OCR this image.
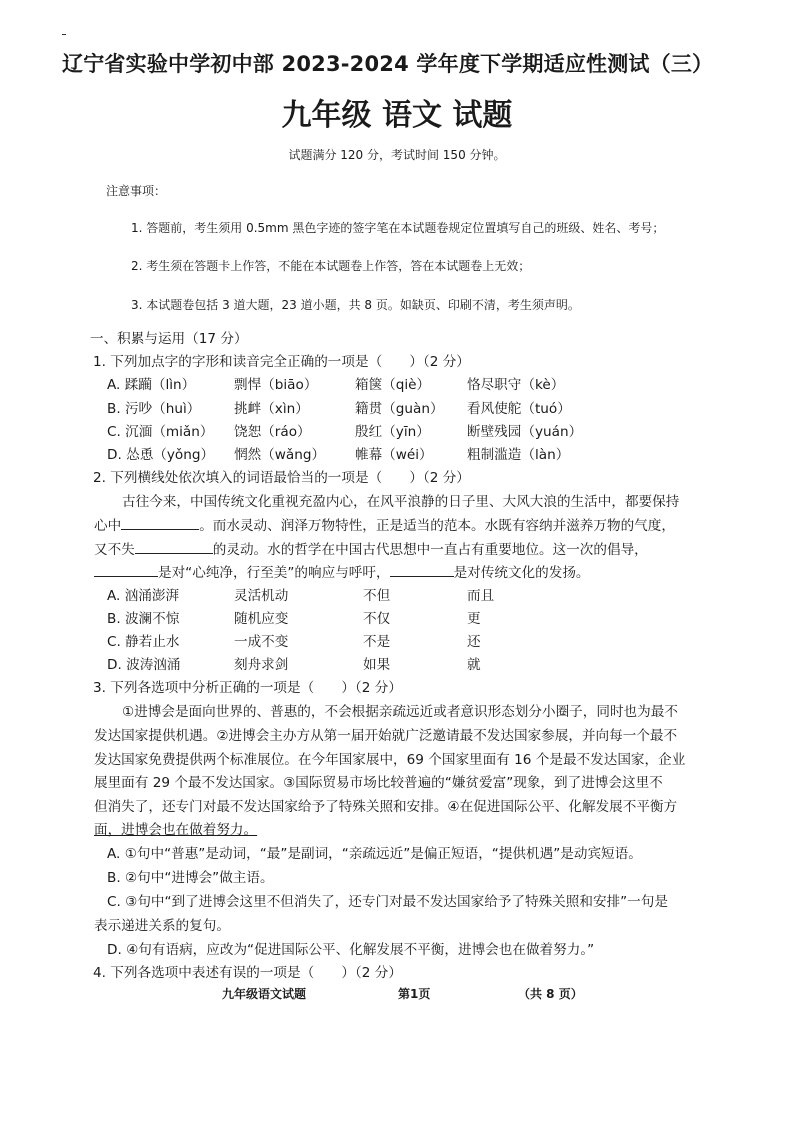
辽宁省实验中学初中部 2023-2024 学年度下学期适应性测试（三）
九年级 语文 试题
试题满分 120 分，考试时间 150 分钟。
注意事项：
1. 答题前，考生须用 0.5mm 黑色字迹的签字笔在本试题卷规定位置填写自己的班级、姓名、考号；
2. 考生须在答题卡上作答，不能在本试题卷上作答，答在本试题卷上无效；
3. 本试题卷包括 3 道大题，23 道小题，共 8 页。如缺页、印刷不清，考生须声明。
一、积累与运用（17 分）
1. 下列加点字的字形和读音完全正确的一项是（　　）（2 分）
A. 蹂躏（lìn）	剽悍（biāo）	箱箧（qiè）	恪尽职守（kè）
B. 污吵（huì） 挑衅（xìn）	籍贯（guàn） 看风使舵（tuó）
C. 沉湎（miǎn） 饶恕（ráo）	殷红（yīn）	断壁残园（yuán）
D. 怂恿（yǒng） 惘然（wǎng） 帷幕（wéi）	粗制滥造（làn）
2. 下列横线处依次填入的词语最恰当的一项是（　　）（2 分）
古往今来，中国传统文化重视充盈内心，在风平浪静的日子里、大风大浪的生活中，都要保持
心中	。而水灵动、润泽万物特性，正是适当的范本。水既有容纳并滋养万物的气度，
又不失	的灵动。水的哲学在中国古代思想中一直占有重要地位。这一次的倡导，
是对“心纯净，行至美”的响应与呼吁，	是对传统文化的发扬。
A. 汹涌澎湃	灵活机动	不但	而且
B. 波澜不惊	随机应变	不仅	更
C. 静若止水	一成不变	不是	还
D. 波涛汹涌	刻舟求剑	如果	就
3. 下列各选项中分析正确的一项是（　　）（2 分）
①进博会是面向世界的、普惠的，不会根据亲疏远近或者意识形态划分小圈子，同时也为最不
发达国家提供机遇。②进博会主办方从第一届开始就广泛邀请最不发达国家参展，并向每一个最不
发达国家免费提供两个标准展位。在今年国家展中，69 个国家里面有 16 个是最不发达国家，企业
展里面有 29 个最不发达国家。③国际贸易市场比较普遍的“嫌贫爱富”现象，到了进博会这里不
但消失了，还专门对最不发达国家给予了特殊关照和安排。④在促进国际公平、化解发展不平衡方
面，进博会也在做着努力。
A. ①句中“普惠”是动词，“最”是副词，“亲疏远近”是偏正短语，“提供机遇”是动宾短语。
B. ②句中“进博会”做主语。
C. ③句中“到了进博会这里不但消失了，还专门对最不发达国家给予了特殊关照和安排”一句是
表示递进关系的复句。
D. ④句有语病，应改为“促进国际公平、化解发展不平衡，进博会也在做着努力。”
4. 下列各选项中表述有误的一项是（　　）（2 分）
九年级语文试题	第1页	（共 8 页）
